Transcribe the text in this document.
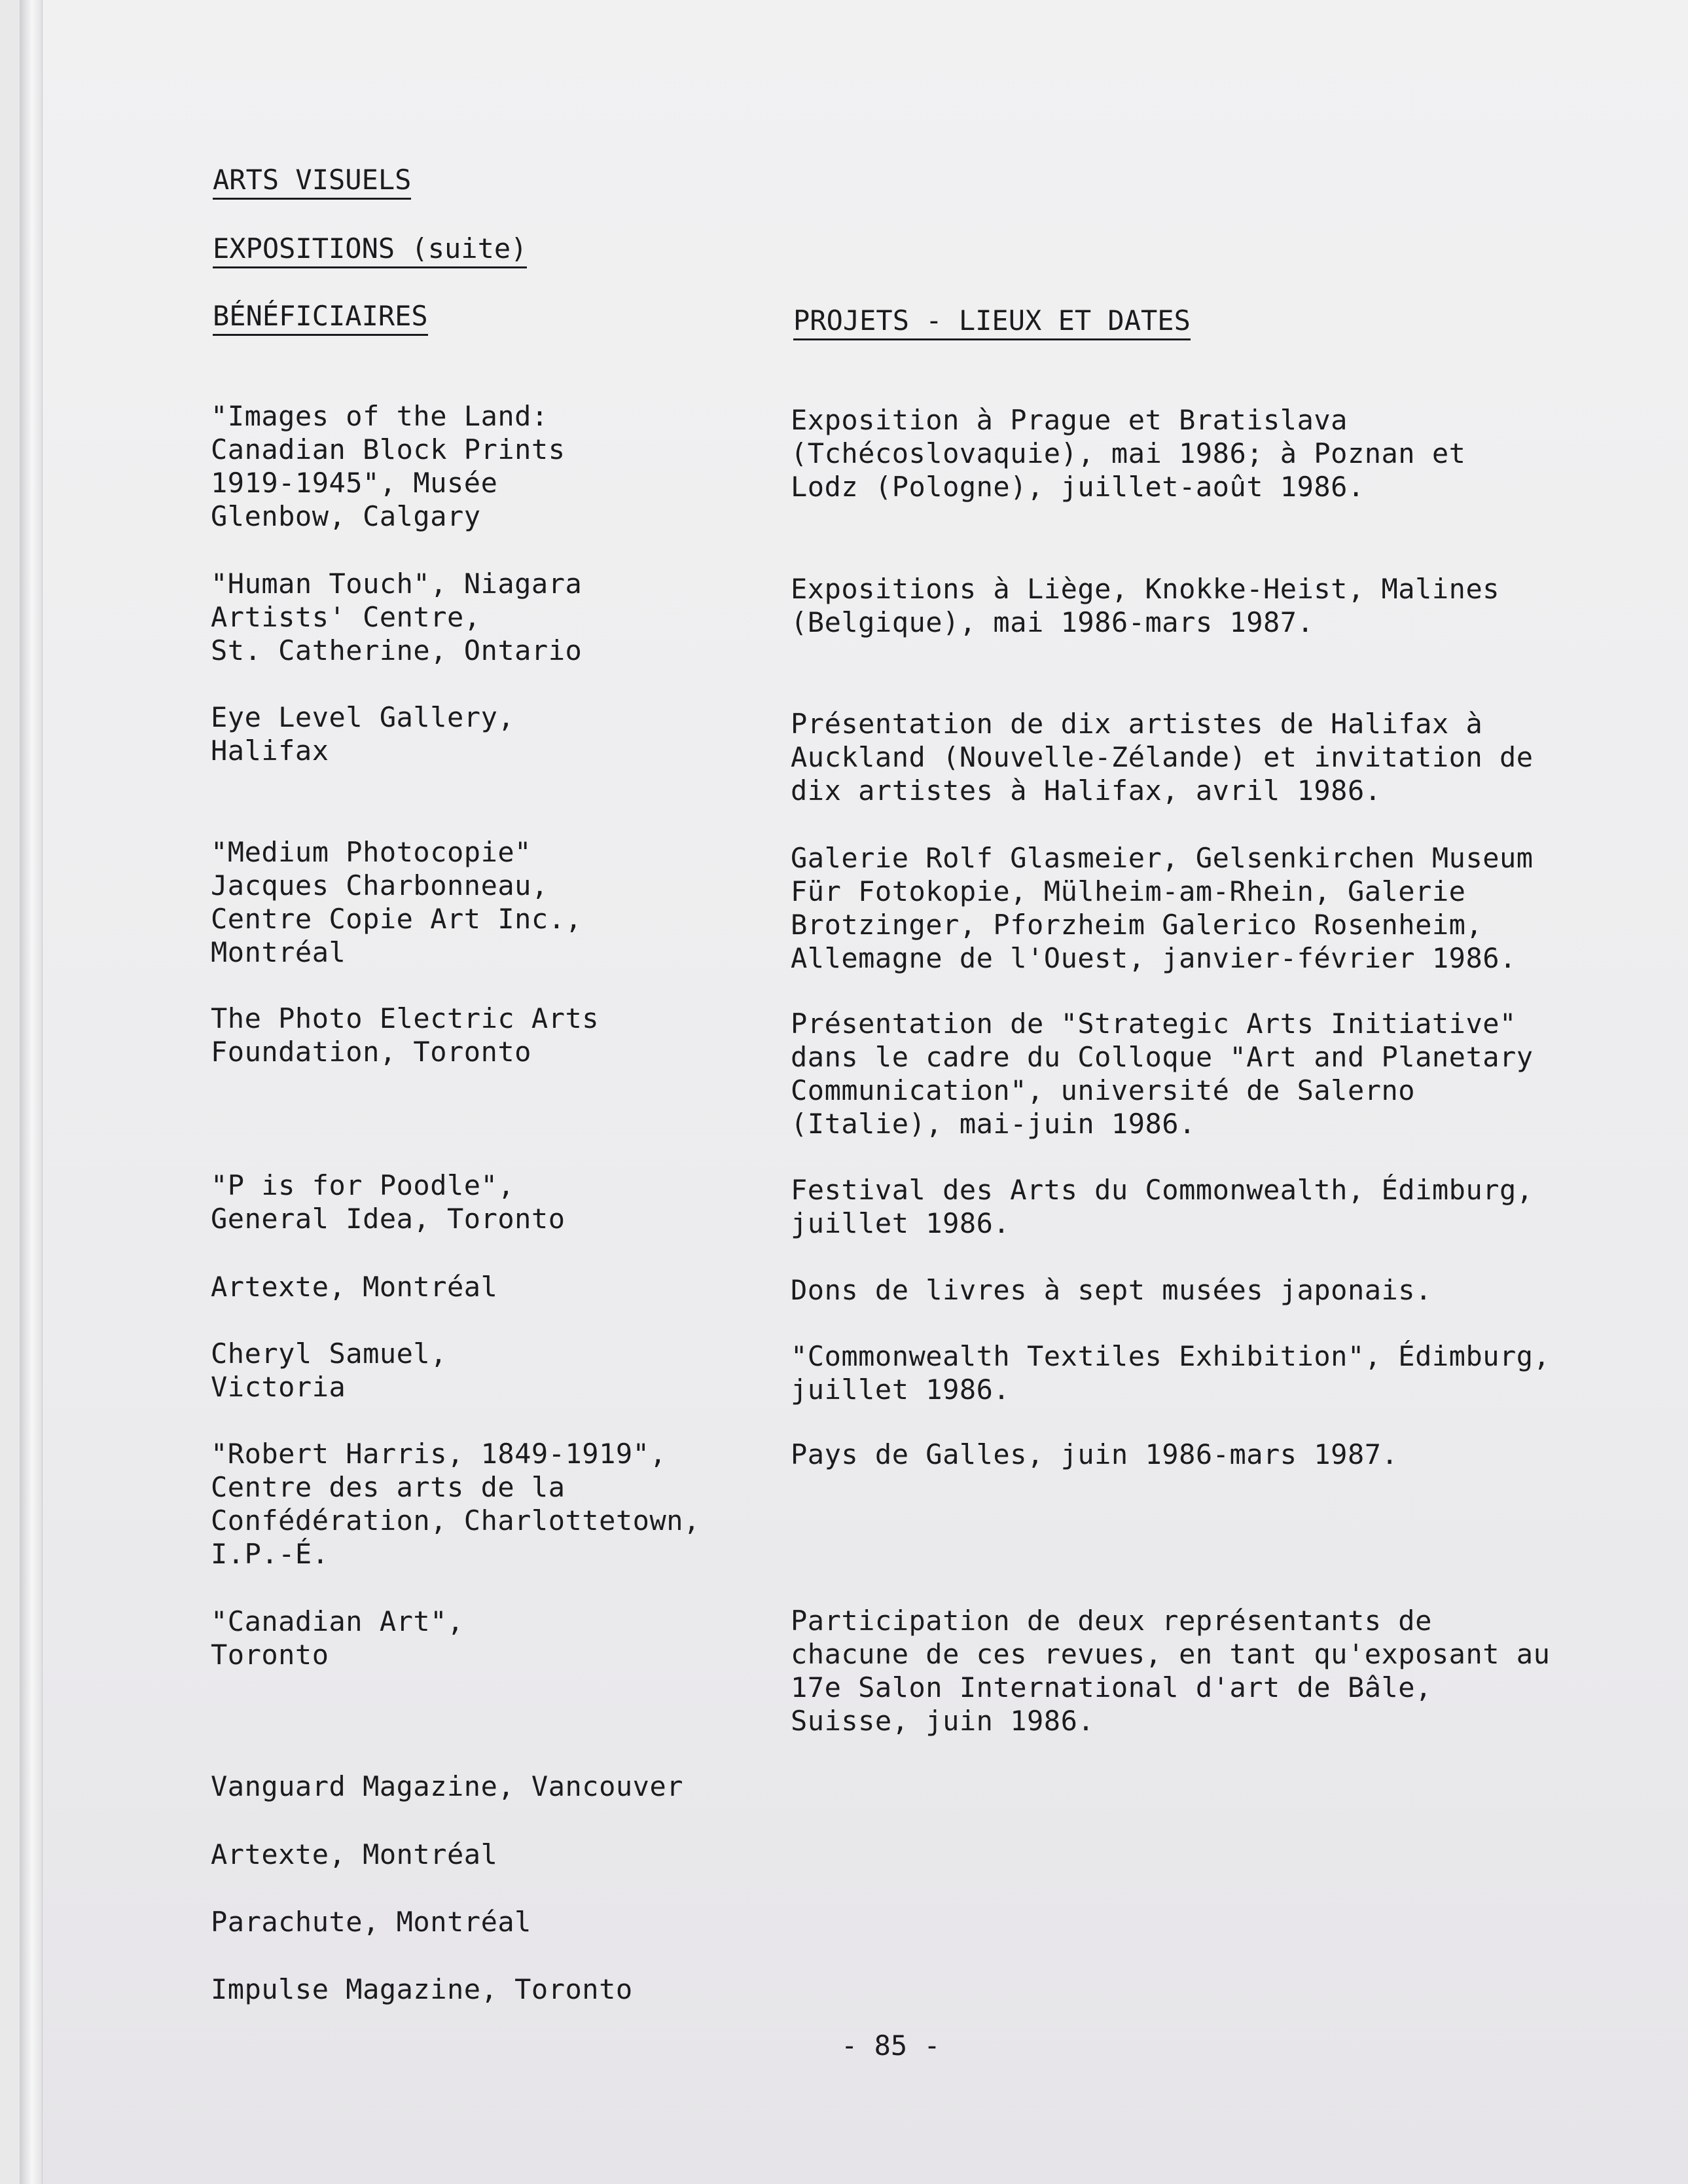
ARTS VISUELS
EXPOSITIONS (suite)
BÉNÉFICIAIRES	PROJETS - LIEUX ET DATES
"Images of the Land:
Canadian Block Prints
1919-1945", Musée
Glenbow, Calgary
Exposition à Prague et Bratislava
(Tchécoslovaquie), mai 1986; à Poznan et
Lodz (Pologne), juillet-août 1986.
"Human Touch", Niagara
Artists' Centre,
St. Catherine, Ontario
Expositions à Liège, Knokke-Heist, Malines
(Belgique), mai 1986-mars 1987.
Eye Level Gallery,
Halifax
Présentation de dix artistes de Halifax à
Auckland (Nouvelle-Zélande) et invitation de
dix artistes à Halifax, avril 1986.
"Medium Photocopie"
Jacques Charbonneau,
Centre Copie Art Inc.,
Montréal
Galerie Rolf Glasmeier, Gelsenkirchen Museum
Für Fotokopie, Mülheim-am-Rhein, Galerie
Brotzinger, Pforzheim Galerico Rosenheim,
Allemagne de l'Ouest, janvier-février 1986.
The Photo Electric Arts
Foundation, Toronto
Présentation de "Strategic Arts Initiative"
dans le cadre du Colloque "Art and Planetary
Communication", université de Salerno
(Italie), mai-juin 1986.
"P is for Poodle",
General Idea, Toronto
Festival des Arts du Commonwealth, Édimburg,
juillet 1986.
Artexte, Montréal	Dons de livres à sept musées japonais.
Cheryl Samuel,
Victoria
"Commonwealth Textiles Exhibition", Édimburg,
juillet 1986.
"Robert Harris, 1849-1919",
Centre des arts de la
Confédération, Charlottetown,
I.P.-É.
Pays de Galles, juin 1986-mars 1987.
"Canadian Art",
Toronto
Participation de deux représentants de
chacune de ces revues, en tant qu'exposant au
17e Salon International d'art de Bâle,
Suisse, juin 1986.
Vanguard Magazine, Vancouver
Artexte, Montréal
Parachute, Montréal
Impulse Magazine, Toronto
- 85 -
